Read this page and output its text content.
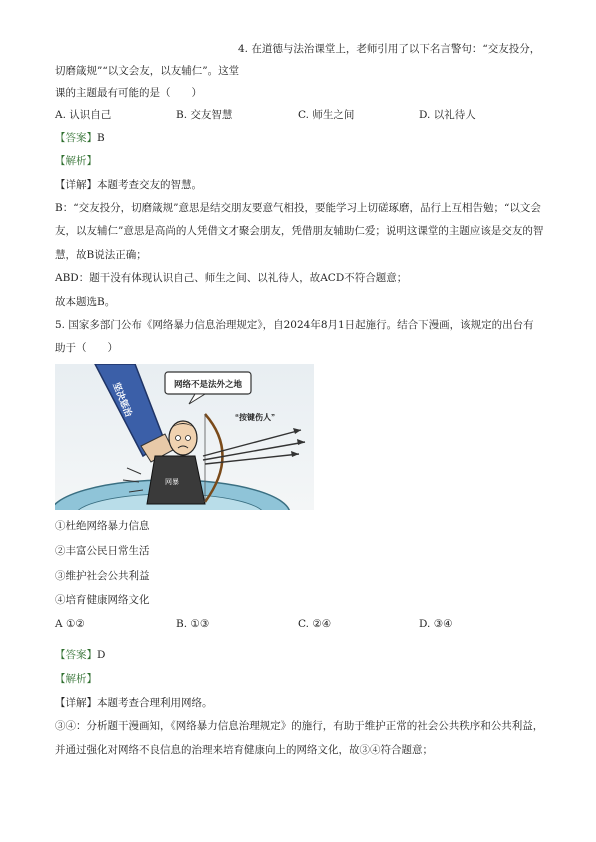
4. 在道德与法治课堂上，老师引用了以下名言警句：“交友投分，
切磨箴规”“以文会友，以友辅仁”。这堂
课的主题最有可能的是（　　）
A. 认识自己	B. 交友智慧	C. 师生之间	D. 以礼待人
【答案】B
【解析】
【详解】本题考查交友的智慧。
B：“交友投分，切磨箴规”意思是结交朋友要意气相投，要能学习上切磋琢磨，品行上互相告勉；“以文会
友，以友辅仁”意思是高尚的人凭借文才聚会朋友，凭借朋友辅助仁爱；说明这课堂的主题应该是交友的智
慧，故B说法正确；
ABD：题干没有体现认识自己、师生之间、以礼待人，故ACD不符合题意；
故本题选B。
5. 国家多部门公布《网络暴力信息治理规定》，自2024年8月1日起施行。结合下漫画，该规定的出台有
助于（　　）
坚决惩治	网络不是法外之地
网暴
“按键伤人”
①杜绝网络暴力信息
②丰富公民日常生活
③维护社会公共利益
④培育健康网络文化
A ①②	B. ①③	C. ②④	D. ③④
【答案】D
【解析】
【详解】本题考查合理利用网络。
③④：分析题干漫画知，《网络暴力信息治理规定》的施行，有助于维护正常的社会公共秩序和公共利益，
并通过强化对网络不良信息的治理来培育健康向上的网络文化，故③④符合题意；
